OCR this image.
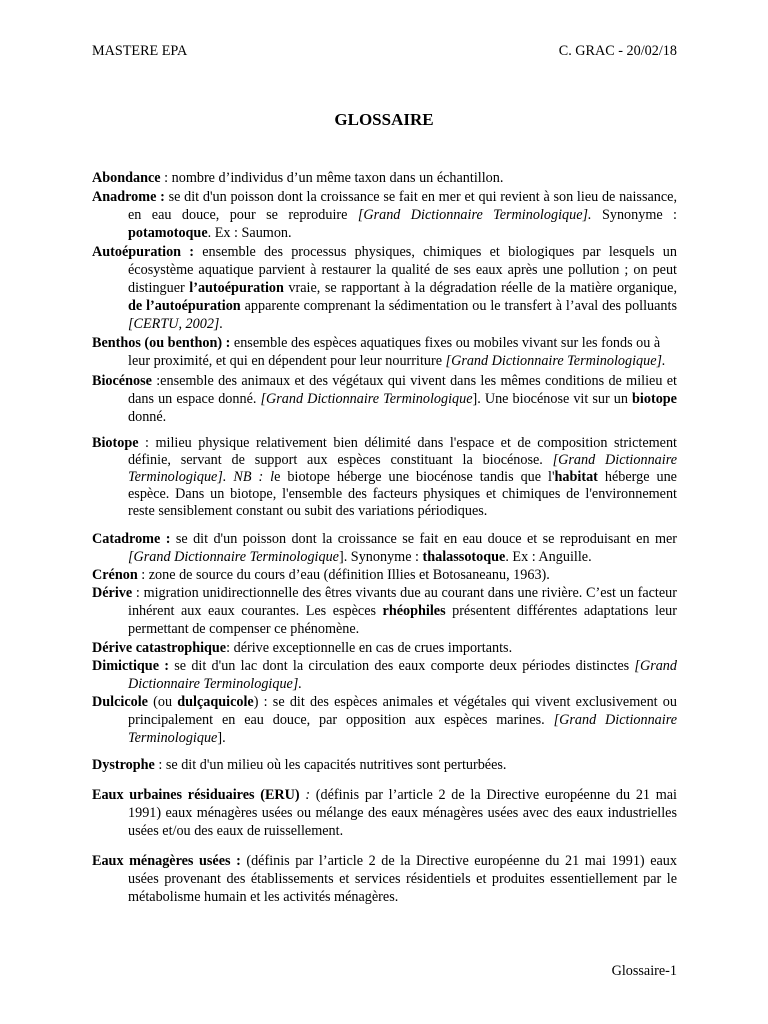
MASTERE EPA	C. GRAC - 20/02/18
GLOSSAIRE

Abondance : nombre d’individus d’un même taxon dans un échantillon.

Anadrome : se dit d'un poisson dont la croissance se fait en mer et qui revient à son lieu de naissance, en eau douce, pour se reproduire [Grand Dictionnaire Terminologique]. Synonyme : potamotoque. Ex : Saumon.

Autoépuration : ensemble des processus physiques, chimiques et biologiques par lesquels un écosystème aquatique parvient à restaurer la qualité de ses eaux après une pollution ; on peut distinguer l’autoépuration vraie, se rapportant à la dégradation réelle de la matière organique, de l’autoépuration apparente comprenant la sédimentation ou le transfert à l’aval des polluants [CERTU, 2002].

Benthos (ou benthon) : ensemble des espèces aquatiques fixes ou mobiles vivant sur les fonds ou à leur proximité, et qui en dépendent pour leur nourriture [Grand Dictionnaire Terminologique].

Biocénose :ensemble des animaux et des végétaux qui vivent dans les mêmes conditions de milieu et dans un espace donné. [Grand Dictionnaire Terminologique]. Une biocénose vit sur un biotope donné.

Biotope : milieu physique relativement bien délimité dans l'espace et de composition strictement définie, servant de support aux espèces constituant la biocénose. [Grand Dictionnaire Terminologique]. NB : le biotope héberge une biocénose tandis que l'habitat héberge une espèce. Dans un biotope, l'ensemble des facteurs physiques et chimiques de l'environnement reste sensiblement constant ou subit des variations périodiques.

Catadrome : se dit d'un poisson dont la croissance se fait en eau douce et se reproduisant en mer [Grand Dictionnaire Terminologique]. Synonyme : thalassotoque. Ex : Anguille.

Crénon : zone de source du cours d’eau (définition Illies et Botosaneanu, 1963).

Dérive : migration unidirectionnelle des êtres vivants due au courant dans une rivière. C’est un facteur inhérent aux eaux courantes. Les espèces rhéophiles présentent différentes adaptations leur permettant de compenser ce phénomène.

Dérive catastrophique: dérive exceptionnelle en cas de crues importants.

Dimictique : se dit d'un lac dont la circulation des eaux comporte deux périodes distinctes [Grand Dictionnaire Terminologique].

Dulcicole (ou dulçaquicole) : se dit des espèces animales et végétales qui vivent exclusivement ou principalement en eau douce, par opposition aux espèces marines. [Grand Dictionnaire Terminologique].

Dystrophe : se dit d'un milieu où les capacités nutritives sont perturbées.

Eaux urbaines résiduaires (ERU) : (définis par l’article 2 de la Directive européenne du 21 mai 1991) eaux ménagères usées ou mélange des eaux ménagères usées avec des eaux industrielles usées et/ou des eaux de ruissellement.

Eaux ménagères usées : (définis par l’article 2 de la Directive européenne du 21 mai 1991) eaux usées provenant des établissements et services résidentiels et produites essentiellement par le métabolisme humain et les activités ménagères.

Glossaire-1
